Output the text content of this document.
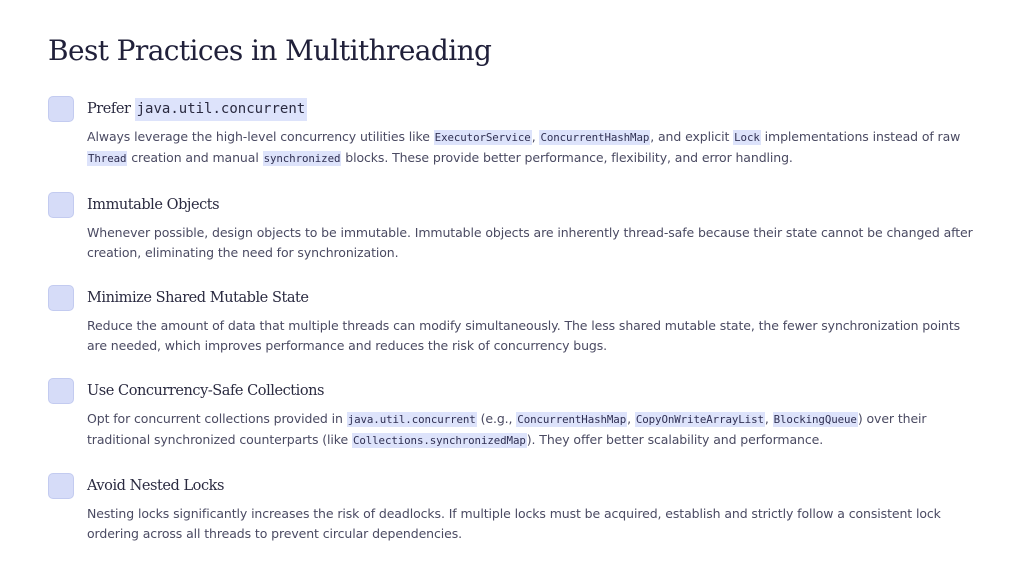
Best Practices in Multithreading
Prefer java.util.concurrent

Always leverage the high-level concurrency utilities like ExecutorService, ConcurrentHashMap, and explicit Lock implementations instead of raw Thread creation and manual synchronized blocks. These provide better performance, flexibility, and error handling.

Immutable Objects

Whenever possible, design objects to be immutable. Immutable objects are inherently thread-safe because their state cannot be changed after creation, eliminating the need for synchronization.

Minimize Shared Mutable State

Reduce the amount of data that multiple threads can modify simultaneously. The less shared mutable state, the fewer synchronization points are needed, which improves performance and reduces the risk of concurrency bugs.

Use Concurrency-Safe Collections

Opt for concurrent collections provided in java.util.concurrent (e.g., ConcurrentHashMap, CopyOnWriteArrayList, BlockingQueue) over their traditional synchronized counterparts (like Collections.synchronizedMap). They offer better scalability and performance.

Avoid Nested Locks

Nesting locks significantly increases the risk of deadlocks. If multiple locks must be acquired, establish and strictly follow a consistent lock ordering across all threads to prevent circular dependencies.
